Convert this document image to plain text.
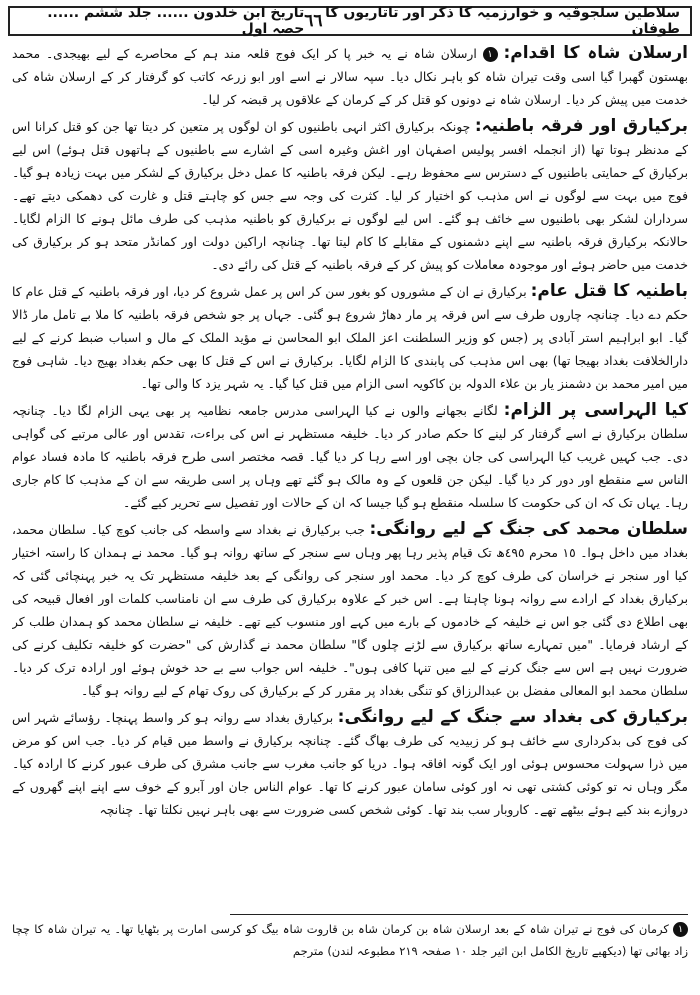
سلاطین سلجوقیہ و خوارزمیہ کا ذکر اور تاتاریوں کا طوفان
٦٦
تاریخ ابن خلدون ...... جلد ششم ...... حصہ اول

ارسلان شاہ کا اقدام: ١ ارسلان شاہ نے یہ خبر پا کر ایک فوج قلعہ مند ہم کے محاصرے کے لیے بھیجدی۔ محمد بھستون گھبرا گیا اسی وقت تیران شاہ کو باہر نکال دیا۔ سپہ سالار نے اسے اور ابو زرعہ کاتب کو گرفتار کر کے ارسلان شاہ کی خدمت میں پیش کر دیا۔ ارسلان شاہ نے دونوں کو قتل کر کے کرمان کے علاقوں پر قبضہ کر لیا۔

برکیارق اور فرقہ باطنیہ: چونکہ برکیارق اکثر انہی باطنیوں کو ان لوگوں پر متعین کر دیتا تھا جن کو قتل کرانا اس کے مدنظر ہوتا تھا (از انجملہ افسر پولیس اصفہان اور اغش وغیرہ اسی کے اشارے سے باطنیوں کے ہاتھوں قتل ہوئے) اس لیے برکیارق کے حمایتی باطنیوں کے دسترس سے محفوظ رہے۔ لیکن فرقہ باطنیہ کا عمل دخل برکیارق کے لشکر میں بہت زیادہ ہو گیا۔ فوج میں بہت سے لوگوں نے اس مذہب کو اختیار کر لیا۔ کثرت کی وجہ سے جس کو چاہتے قتل و غارت کی دھمکی دیتے تھے۔ سرداران لشکر بھی باطنیوں سے خائف ہو گئے۔ اس لیے لوگوں نے برکیارق کو باطنیہ مذہب کی طرف مائل ہونے کا الزام لگایا۔ حالانکہ برکیارق فرقہ باطنیہ سے اپنے دشمنوں کے مقابلے کا کام لیتا تھا۔ چنانچہ اراکین دولت اور کمانڈر متحد ہو کر برکیارق کی خدمت میں حاضر ہوئے اور موجودہ معاملات کو پیش کر کے فرقہ باطنیہ کے قتل کی رائے دی۔

باطنیہ کا قتل عام: برکیارق نے ان کے مشوروں کو بغور سن کر اس پر عمل شروع کر دیا، اور فرقہ باطنیہ کے قتل عام کا حکم دے دیا۔ چنانچہ چاروں طرف سے اس فرقہ پر مار دھاڑ شروع ہو گئی۔ جہاں پر جو شخص فرقہ باطنیہ کا ملا بے تامل مار ڈالا گیا۔ ابو ابراہیم استر آبادی پر (جس کو وزیر السلطنت اعز الملک ابو المحاسن نے مؤید الملک کے مال و اسباب ضبط کرنے کے لیے دارالخلافت بغداد بھیجا تھا) بھی اس مذہب کی پابندی کا الزام لگایا۔ برکیارق نے اس کے قتل کا بھی حکم بغداد بھیج دیا۔ شاہی فوج میں امیر محمد بن دشمنز یار بن علاء الدولہ بن کاکویہ اسی الزام میں قتل کیا گیا۔ یہ شہر یزد کا والی تھا۔

کیا الہراسی پر الزام: لگانے بجھانے والوں نے کیا الہراسی مدرس جامعہ نظامیہ پر بھی یہی الزام لگا دیا۔ چنانچہ سلطان برکیارق نے اسے گرفتار کر لینے کا حکم صادر کر دیا۔ خلیفہ مستظہر نے اس کی براءت، تقدس اور عالی مرتبے کی گواہی دی۔ جب کہیں غریب کیا الہراسی کی جان بچی اور اسے رہا کر دیا گیا۔ قصہ مختصر اسی طرح فرقہ باطنیہ کا مادہ فساد عوام الناس سے منقطع اور دور کر دیا گیا۔ لیکن جن قلعوں کے وہ مالک ہو گئے تھے وہاں پر اسی طریقہ سے ان کے مذہب کا کام جاری رہا۔ یہاں تک کہ ان کی حکومت کا سلسلہ منقطع ہو گیا جیسا کہ ان کے حالات اور تفصیل سے تحریر کیے گئے۔

سلطان محمد کی جنگ کے لیے روانگی: جب برکیارق نے بغداد سے واسطہ کی جانب کوچ کیا۔ سلطان محمد، بغداد میں داخل ہوا۔ ١٥ محرم ٤٩٥ھ تک قیام پذیر رہا پھر وہاں سے سنجر کے ساتھ روانہ ہو گیا۔ محمد نے ہمدان کا راستہ اختیار کیا اور سنجر نے خراسان کی طرف کوچ کر دیا۔ محمد اور سنجر کی روانگی کے بعد خلیفہ مستظہر تک یہ خبر پہنچائی گئی کہ برکیارق بغداد کے ارادے سے روانہ ہونا چاہتا ہے۔ اس خبر کے علاوہ برکیارق کی طرف سے ان نامناسب کلمات اور افعال قبیحہ کی بھی اطلاع دی گئی جو اس نے خلیفہ کے خادموں کے بارے میں کہے اور منسوب کیے تھے۔ خلیفہ نے سلطان محمد کو ہمدان طلب کر کے ارشاد فرمایا۔ "میں تمہارے ساتھ برکیارق سے لڑنے چلوں گا" سلطان محمد نے گذارش کی "حضرت کو خلیفہ تکلیف کرنے کی ضرورت نہیں ہے اس سے جنگ کرنے کے لیے میں تنہا کافی ہوں"۔ خلیفہ اس جواب سے بے حد خوش ہوئے اور ارادہ ترک کر دیا۔ سلطان محمد ابو المعالی مفضل بن عبدالرزاق کو تنگی بغداد پر مقرر کر کے برکیارق کی روک تھام کے لیے روانہ ہو گیا۔

برکیارق کی بغداد سے جنگ کے لیے روانگی: برکیارق بغداد سے روانہ ہو کر واسط پہنچا۔ رؤسائے شہر اس کی فوج کی بدکرداری سے خائف ہو کر زبیدیہ کی طرف بھاگ گئے۔ چنانچہ برکیارق نے واسط میں قیام کر دیا۔ جب اس کو مرض میں ذرا سہولت محسوس ہوئی اور ایک گونہ افاقہ ہوا۔ دریا کو جانب مغرب سے جانب مشرق کی طرف عبور کرنے کا ارادہ کیا۔ مگر وہاں نہ تو کوئی کشتی تھی نہ اور کوئی سامان عبور کرنے کا تھا۔ عوام الناس جان اور آبرو کے خوف سے اپنے اپنے گھروں کے دروازے بند کیے ہوئے بیٹھے تھے۔ کاروبار سب بند تھا۔ کوئی شخص کسی ضرورت سے بھی باہر نہیں نکلتا تھا۔ چنانچہ

١ کرمان کی فوج نے تیران شاہ کے بعد ارسلان شاہ بن کرمان شاہ بن قاروت شاہ بیگ کو کرسی امارت پر بٹھایا تھا۔ یہ تیران شاہ کا چچا زاد بھائی تھا (دیکھیے تاریخ الکامل ابن اثیر جلد ١٠ صفحہ ٢١٩ مطبوعہ لندن) مترجم
